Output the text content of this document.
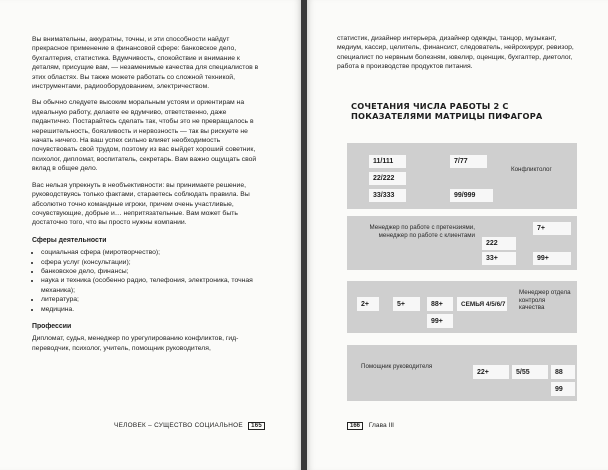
Вы внимательны, аккуратны, точны, и эти способности найдут прекрасное применение в финансовой сфере: банковское дело, бухгалтерия, статистика. Вдумчивость, спокойствие и внимание к деталям, присущие вам, — незаменимые качества для специалистов в этих областях. Вы также можете работать со сложной техникой, инструментами, радиооборудованием, электричеством.

Вы обычно следуете высоким моральным устоям и ориентирам на идеальную работу, делаете ее вдумчиво, ответственно, даже педантично. Постарайтесь сделать так, чтобы это не превращалось в нерешительность, боязливость и нервозность — так вы рискуете не начать ничего. На ваш успех сильно влияет необходимость почувствовать свой трудом, поэтому из вас выйдет хороший советник, психолог, дипломат, воспитатель, секретарь. Вам важно ощущать свой вклад в общее дело.

Вас нельзя упрекнуть в необъективности: вы принимаете решение, руководствуясь только фактами, стараетесь соблюдать правила. Вы абсолютно точно командные игроки, причем очень участливые, сочувствующие, добрые и… непритязательные. Вам может быть достаточно того, что вы просто нужны компании.

Сферы деятельности
• социальная сфера (миротворчество);
• сфера услуг (консультации);
• банковское дело, финансы;
• наука и техника (особенно радио, телефония, электроника, точная механика);
• литература;
• медицина.
Профессии

Дипломат, судья, менеджер по урегулированию конфликтов, гид-переводчик, психолог, учитель, помощник руководителя,

ЧЕЛОВЕК – СУЩЕСТВО СОЦИАЛЬНОЕ 165

статистик, дизайнер интерьера, дизайнер одежды, танцор, музыкант, медиум, кассир, целитель, финансист, следователь, нейрохирург, ревизор, специалист по нервным болезням, ювелир, оценщик, бухгалтер, диетолог, работа в производстве продуктов питания.

СОЧЕТАНИЯ ЧИСЛА РАБОТЫ 2 С ПОКАЗАТЕЛЯМИ МАТРИЦЫ ПИФАГОРА
11/111	7/77
22/222
33/333	99/999
Конфликтолог
7+
222
33+	99+
Менеджер по работе с претензиями, менеджер по работе с клиентами
2+	5+	88+	СЕМЬЯ 4/5/6/7
99+
Менеджер отдела контроля качества
22+	5/55	88
99
Помощник руководителя
166 Глава III
